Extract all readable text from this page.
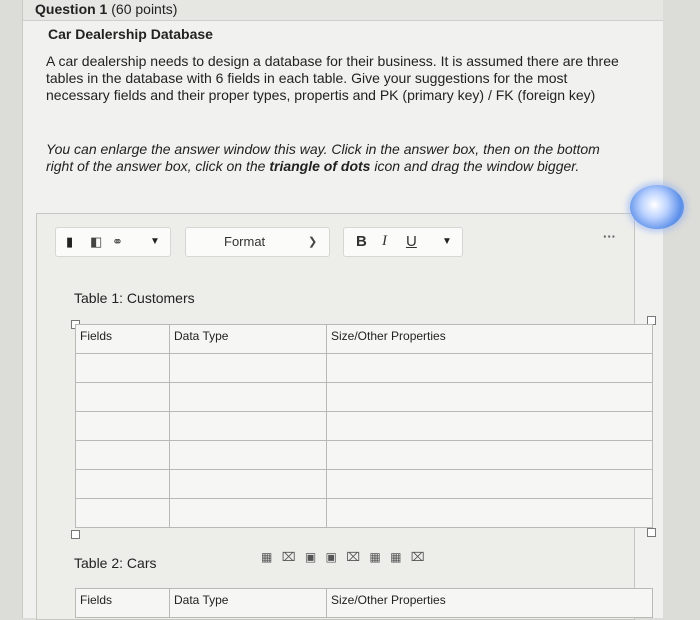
Question 1 (60 points)
Car Dealership Database
A car dealership needs to design a database for their business. It is assumed there are three tables in the database with 6 fields in each table. Give your suggestions for the most necessary fields and their proper types, propertis and PK (primary key) / FK (foreign key)
You can enlarge the answer window this way. Click in the answer box, then on the bottom right of the answer box, click on the triangle of dots icon and drag the window bigger.
▮ ◧ ⚭	▼	Format	❯	B I U	▼	···
Table 1: Customers
Fields	Data Type	Size/Other Properties

Table 2: Cars	▦ ⌧ ▣ ▣ ⌧ ▦ ▦ ⌧
Fields	Data Type	Size/Other Properties
